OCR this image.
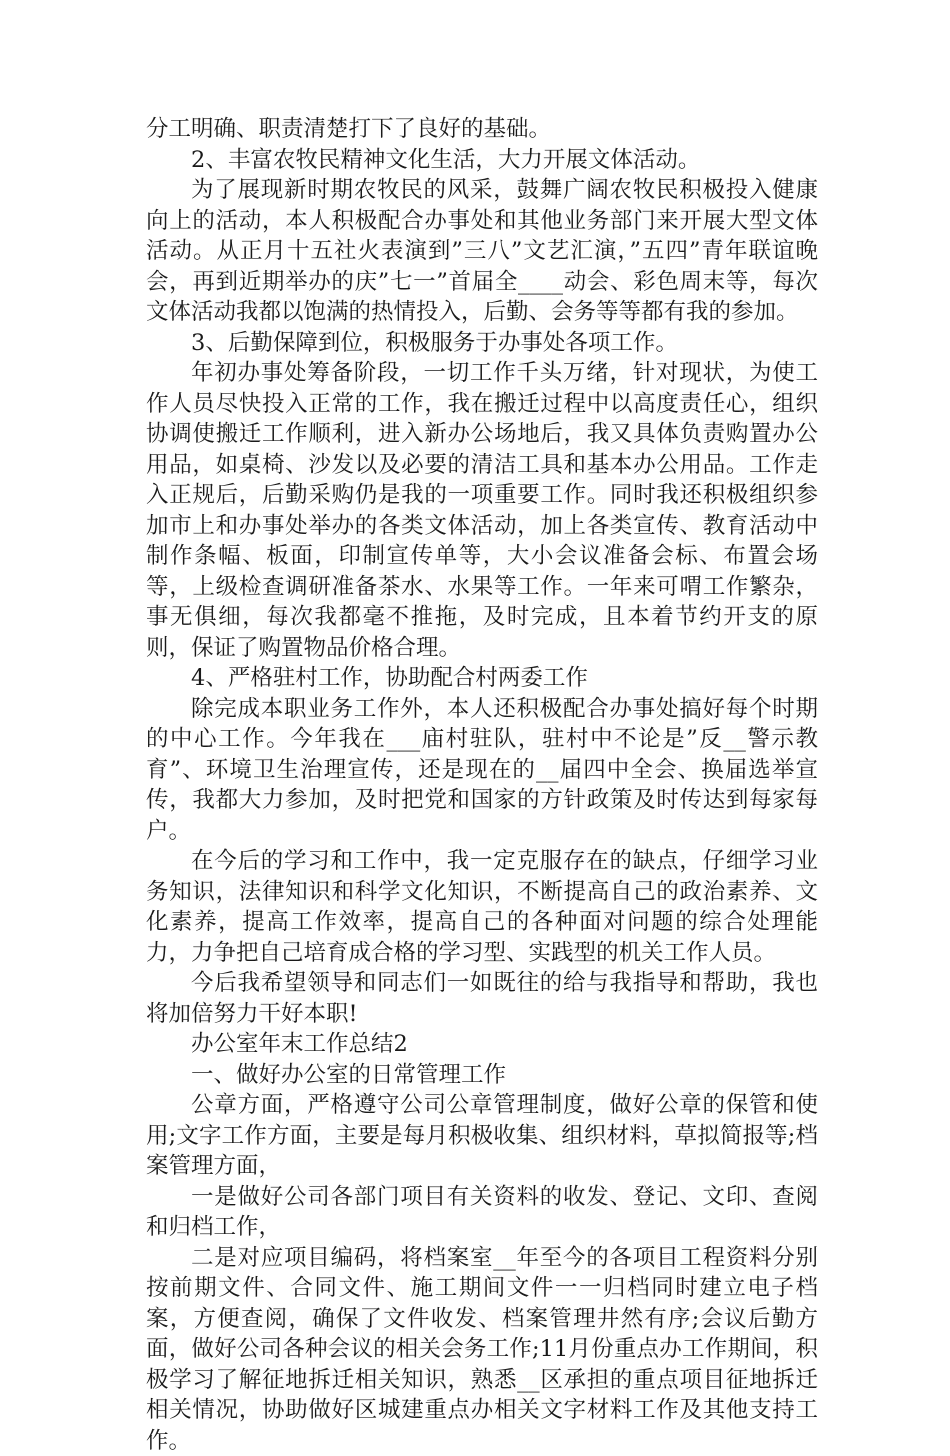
分工明确、职责清楚打下了良好的基础。

2、丰富农牧民精神文化生活，大力开展文体活动。

为了展现新时期农牧民的风采，鼓舞广阔农牧民积极投入健康向上的活动，本人积极配合办事处和其他业务部门来开展大型文体活动。从正月十五社火表演到”三八”文艺汇演，”五四”青年联谊晚会，再到近期举办的庆”七一”首届全____动会、彩色周末等，每次文体活动我都以饱满的热情投入，后勤、会务等等都有我的参加。

3、后勤保障到位，积极服务于办事处各项工作。

年初办事处筹备阶段，一切工作千头万绪，针对现状，为使工作人员尽快投入正常的工作，我在搬迁过程中以高度责任心，组织协调使搬迁工作顺利，进入新办公场地后，我又具体负责购置办公用品，如桌椅、沙发以及必要的清洁工具和基本办公用品。工作走入正规后，后勤采购仍是我的一项重要工作。同时我还积极组织参加市上和办事处举办的各类文体活动，加上各类宣传、教育活动中制作条幅、板面，印制宣传单等，大小会议准备会标、布置会场等，上级检查调研准备茶水、水果等工作。一年来可喟工作繁杂，事无俱细，每次我都毫不推拖，及时完成，且本着节约开支的原则，保证了购置物品价格合理。

4、严格驻村工作，协助配合村两委工作

除完成本职业务工作外，本人还积极配合办事处搞好每个时期的中心工作。今年我在___庙村驻队，驻村中不论是”反__警示教育”、环境卫生治理宣传，还是现在的__届四中全会、换届选举宣传，我都大力参加，及时把党和国家的方针政策及时传达到每家每户。

在今后的学习和工作中，我一定克服存在的缺点，仔细学习业务知识，法律知识和科学文化知识，不断提高自己的政治素养、文化素养，提高工作效率，提高自己的各种面对问题的综合处理能力，力争把自己培育成合格的学习型、实践型的机关工作人员。

今后我希望领导和同志们一如既往的给与我指导和帮助，我也将加倍努力干好本职!

办公室年末工作总结2

一、做好办公室的日常管理工作

公章方面，严格遵守公司公章管理制度，做好公章的保管和使用;文字工作方面，主要是每月积极收集、组织材料，草拟简报等;档案管理方面，

一是做好公司各部门项目有关资料的收发、登记、文印、查阅和归档工作，

二是对应项目编码，将档案室__年至今的各项目工程资料分别按前期文件、合同文件、施工期间文件一一归档同时建立电子档案，方便查阅，确保了文件收发、档案管理井然有序;会议后勤方面，做好公司各种会议的相关会务工作;11月份重点办工作期间，积极学习了解征地拆迁相关知识，熟悉__区承担的重点项目征地拆迁相关情况，协助做好区城建重点办相关文字材料工作及其他支持工作。
